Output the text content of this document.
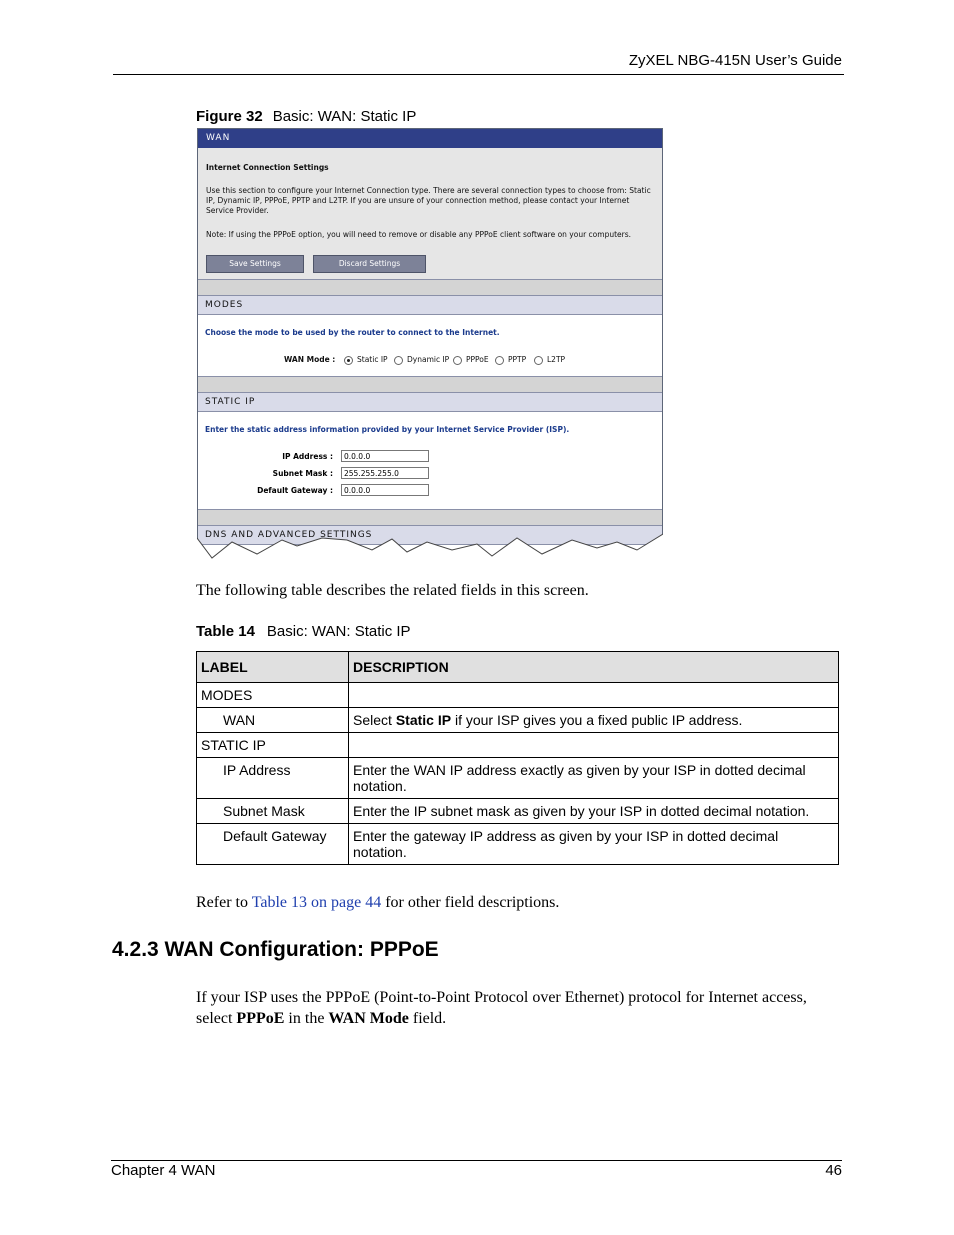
ZyXEL NBG-415N User’s Guide
Figure 32 Basic: WAN: Static IP
WAN
Internet Connection Settings
Use this section to configure your Internet Connection type. There are several connection types to choose from: Static IP, Dynamic IP, PPPoE, PPTP and L2TP. If you are unsure of your connection method, please contact your Internet Service Provider.
Note: If using the PPPoE option, you will need to remove or disable any PPPoE client software on your computers.
Save Settings	Discard Settings
MODES
Choose the mode to be used by the router to connect to the Internet.
WAN Mode :	Static IP	Dynamic IP PPPoE	PPTP	L2TP
STATIC IP
Enter the static address information provided by your Internet Service Provider (ISP).
IP Address :	0.0.0.0
Subnet Mask :	255.255.255.0
Default Gateway :	0.0.0.0
DNS AND ADVANCED SETTINGS
The following table describes the related fields in this screen.
Table 14 Basic: WAN: Static IP
LABEL	DESCRIPTION
MODES	
WAN	Select Static IP if your ISP gives you a fixed public IP address.
STATIC IP	
IP Address	Enter the WAN IP address exactly as given by your ISP in dotted decimal notation.
Subnet Mask	Enter the IP subnet mask as given by your ISP in dotted decimal notation.
Default Gateway	Enter the gateway IP address as given by your ISP in dotted decimal notation.
Refer to Table 13 on page 44 for other field descriptions.
4.2.3 WAN Configuration: PPPoE
If your ISP uses the PPPoE (Point-to-Point Protocol over Ethernet) protocol for Internet access, select PPPoE in the WAN Mode field.
Chapter 4 WAN	46
